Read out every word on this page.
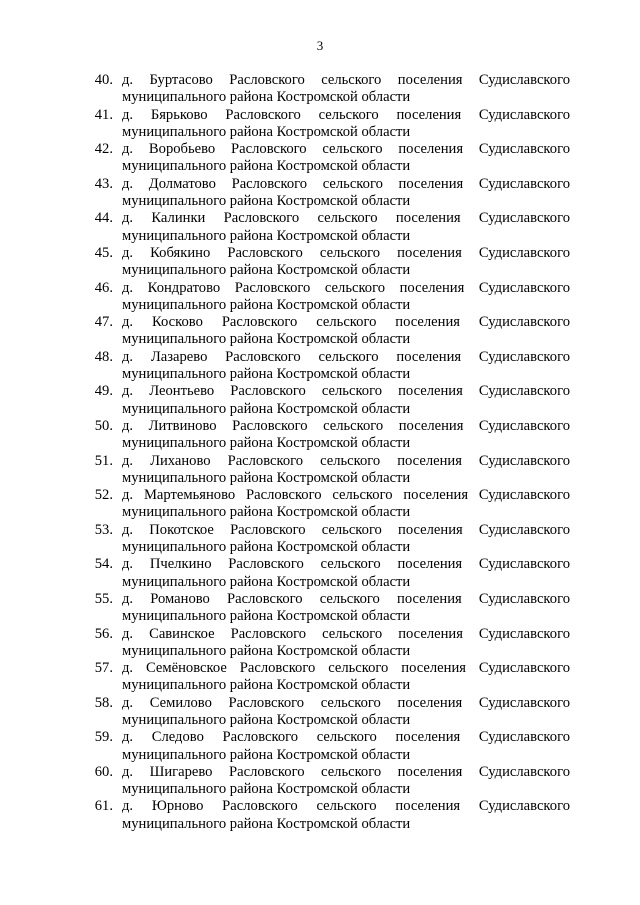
3
40. д. Буртасово Расловского сельского поселения Судиславского
муниципального района Костромской области
41. д. Бярьково Расловского сельского поселения Судиславского
муниципального района Костромской области
42. д. Воробьево Расловского сельского поселения Судиславского
муниципального района Костромской области
43. д. Долматово Расловского сельского поселения Судиславского
муниципального района Костромской области
44. д. Калинки Расловского сельского поселения Судиславского
муниципального района Костромской области
45. д. Кобякино Расловского сельского поселения Судиславского
муниципального района Костромской области
46. д. Кондратово Расловского сельского поселения Судиславского
муниципального района Костромской области
47. д. Косково Расловского сельского поселения Судиславского
муниципального района Костромской области
48. д. Лазарево Расловского сельского поселения Судиславского
муниципального района Костромской области
49. д. Леонтьево Расловского сельского поселения Судиславского
муниципального района Костромской области
50. д. Литвиново Расловского сельского поселения Судиславского
муниципального района Костромской области
51. д. Лиханово Расловского сельского поселения Судиславского
муниципального района Костромской области
52. д. Мартемьяново Расловского сельского поселения Судиславского
муниципального района Костромской области
53. д. Покотское Расловского сельского поселения Судиславского
муниципального района Костромской области
54. д. Пчелкино Расловского сельского поселения Судиславского
муниципального района Костромской области
55. д. Романово Расловского сельского поселения Судиславского
муниципального района Костромской области
56. д. Савинское Расловского сельского поселения Судиславского
муниципального района Костромской области
57. д. Семёновское Расловского сельского поселения Судиславского
муниципального района Костромской области
58. д. Семилово Расловского сельского поселения Судиславского
муниципального района Костромской области
59. д. Следово Расловского сельского поселения Судиславского
муниципального района Костромской области
60. д. Шигарево Расловского сельского поселения Судиславского
муниципального района Костромской области
61. д. Юрново Расловского сельского поселения Судиславского
муниципального района Костромской области
